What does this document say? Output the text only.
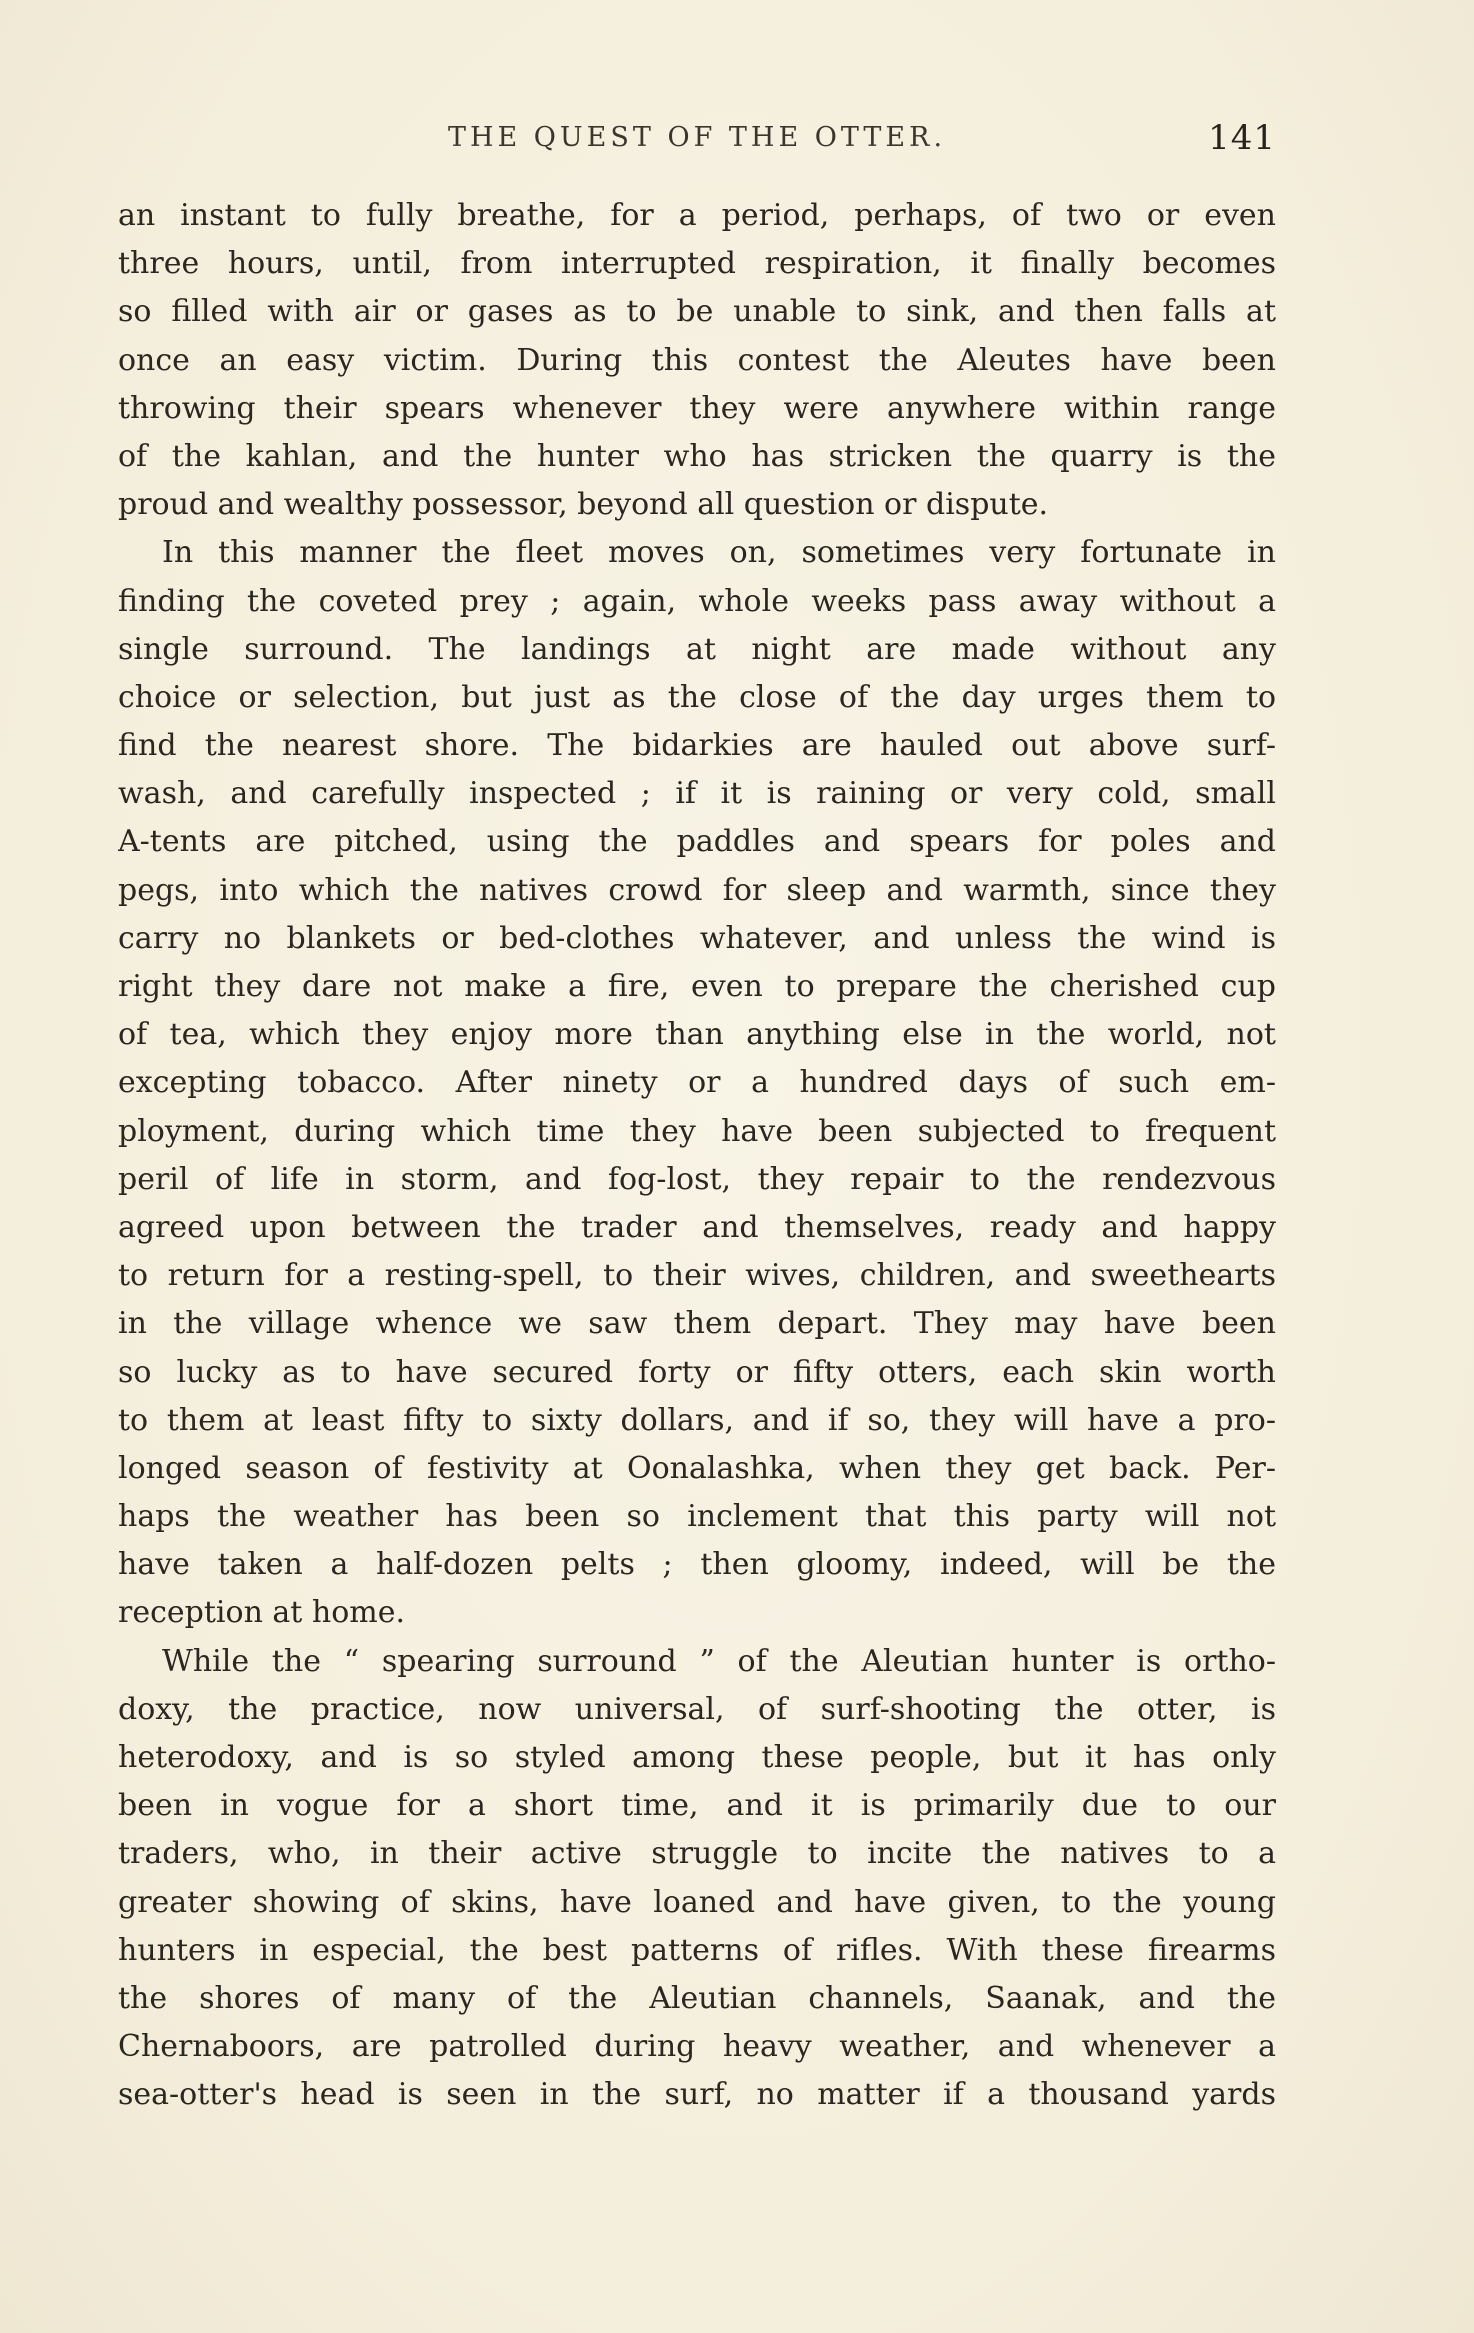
THE QUEST OF THE OTTER.	141
an instant to fully breathe, for a period, perhaps, of two or even
three hours, until, from interrupted respiration, it finally becomes
so filled with air or gases as to be unable to sink, and then falls at
once an easy victim. During this contest the Aleutes have been
throwing their spears whenever they were anywhere within range
of the kahlan, and the hunter who has stricken the quarry is the
proud and wealthy possessor, beyond all question or dispute.
In this manner the fleet moves on, sometimes very fortunate in
finding the coveted prey ; again, whole weeks pass away without a
single surround. The landings at night are made without any
choice or selection, but just as the close of the day urges them to
find the nearest shore. The bidarkies are hauled out above surf-
wash, and carefully inspected ; if it is raining or very cold, small
A-tents are pitched, using the paddles and spears for poles and
pegs, into which the natives crowd for sleep and warmth, since they
carry no blankets or bed-clothes whatever, and unless the wind is
right they dare not make a fire, even to prepare the cherished cup
of tea, which they enjoy more than anything else in the world, not
excepting tobacco. After ninety or a hundred days of such em-
ployment, during which time they have been subjected to frequent
peril of life in storm, and fog-lost, they repair to the rendezvous
agreed upon between the trader and themselves, ready and happy
to return for a resting-spell, to their wives, children, and sweethearts
in the village whence we saw them depart. They may have been
so lucky as to have secured forty or fifty otters, each skin worth
to them at least fifty to sixty dollars, and if so, they will have a pro-
longed season of festivity at Oonalashka, when they get back. Per-
haps the weather has been so inclement that this party will not
have taken a half-dozen pelts ; then gloomy, indeed, will be the
reception at home.
While the “ spearing surround ” of the Aleutian hunter is ortho-
doxy, the practice, now universal, of surf-shooting the otter, is
heterodoxy, and is so styled among these people, but it has only
been in vogue for a short time, and it is primarily due to our
traders, who, in their active struggle to incite the natives to a
greater showing of skins, have loaned and have given, to the young
hunters in especial, the best patterns of rifles. With these firearms
the shores of many of the Aleutian channels, Saanak, and the
Chernaboors, are patrolled during heavy weather, and whenever a
sea-otter's head is seen in the surf, no matter if a thousand yards
